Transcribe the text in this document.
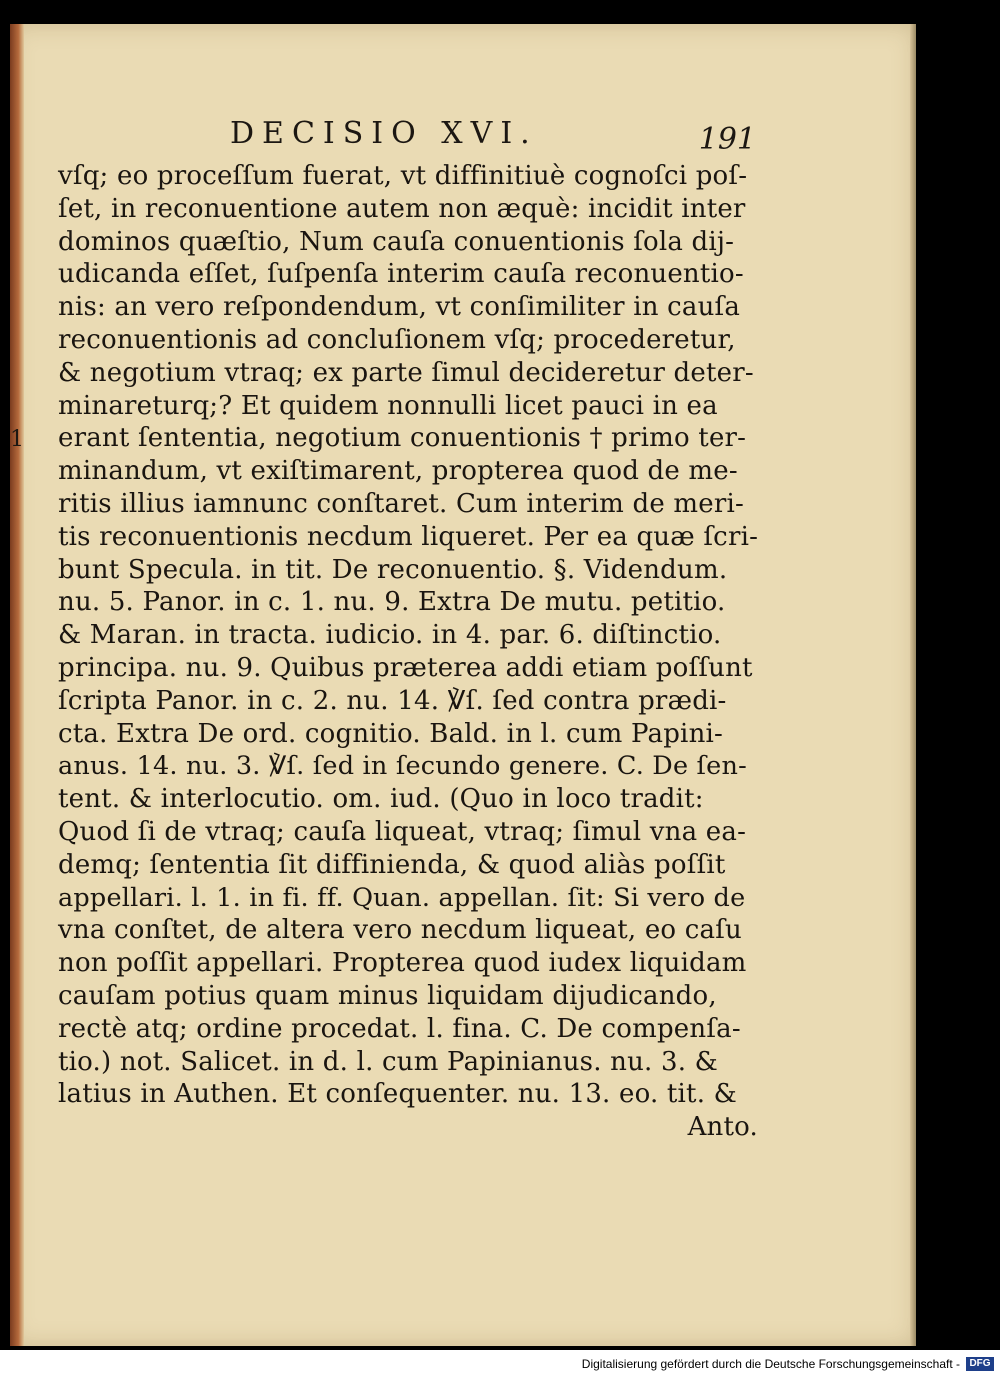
DECISIO XVI.	191
1
vſq; eo proceſſum fuerat, vt diffinitiuè cognoſci poſ-
ſet, in reconuentione autem non æquè: incidit inter
dominos quæſtio, Num cauſa conuentionis ſola dij-
udicanda eſſet, ſuſpenſa interim cauſa reconuentio-
nis: an vero reſpondendum, vt conſimiliter in cauſa
reconuentionis ad concluſionem vſq; procederetur,
& negotium vtraq; ex parte ſimul decideretur deter-
minareturq;? Et quidem nonnulli licet pauci in ea
erant ſententia, negotium conuentionis † primo ter-
minandum, vt exiſtimarent, propterea quod de me-
ritis illius iamnunc conſtaret. Cum interim de meri-
tis reconuentionis necdum liqueret. Per ea quæ ſcri-
bunt Specula. in tit. De reconuentio. §. Videndum.
nu. 5. Panor. in c. 1. nu. 9. Extra De mutu. petitio.
& Maran. in tracta. iudicio. in 4. par. 6. diſtinctio.
principa. nu. 9. Quibus præterea addi etiam poſſunt
ſcripta Panor. in c. 2. nu. 14. ℣ſ. ſed contra prædi-
cta. Extra De ord. cognitio. Bald. in l. cum Papini-
anus. 14. nu. 3. ℣ſ. ſed in ſecundo genere. C. De ſen-
tent. & interlocutio. om. iud. (Quo in loco tradit:
Quod ſi de vtraq; cauſa liqueat, vtraq; ſimul vna ea-
demq; ſententia ſit diffinienda, & quod aliàs poſſit
appellari. l. 1. in fi. ff. Quan. appellan. ſit: Si vero de
vna conſtet, de altera vero necdum liqueat, eo caſu
non poſſit appellari. Propterea quod iudex liquidam
cauſam potius quam minus liquidam dijudicando,
rectè atq; ordine procedat. l. fina. C. De compenſa-
tio.) not. Salicet. in d. l. cum Papinianus. nu. 3. &
latius in Authen. Et conſequenter. nu. 13. eo. tit. &
Anto.
Digitalisierung gefördert durch die Deutsche Forschungsgemeinschaft - DFG
